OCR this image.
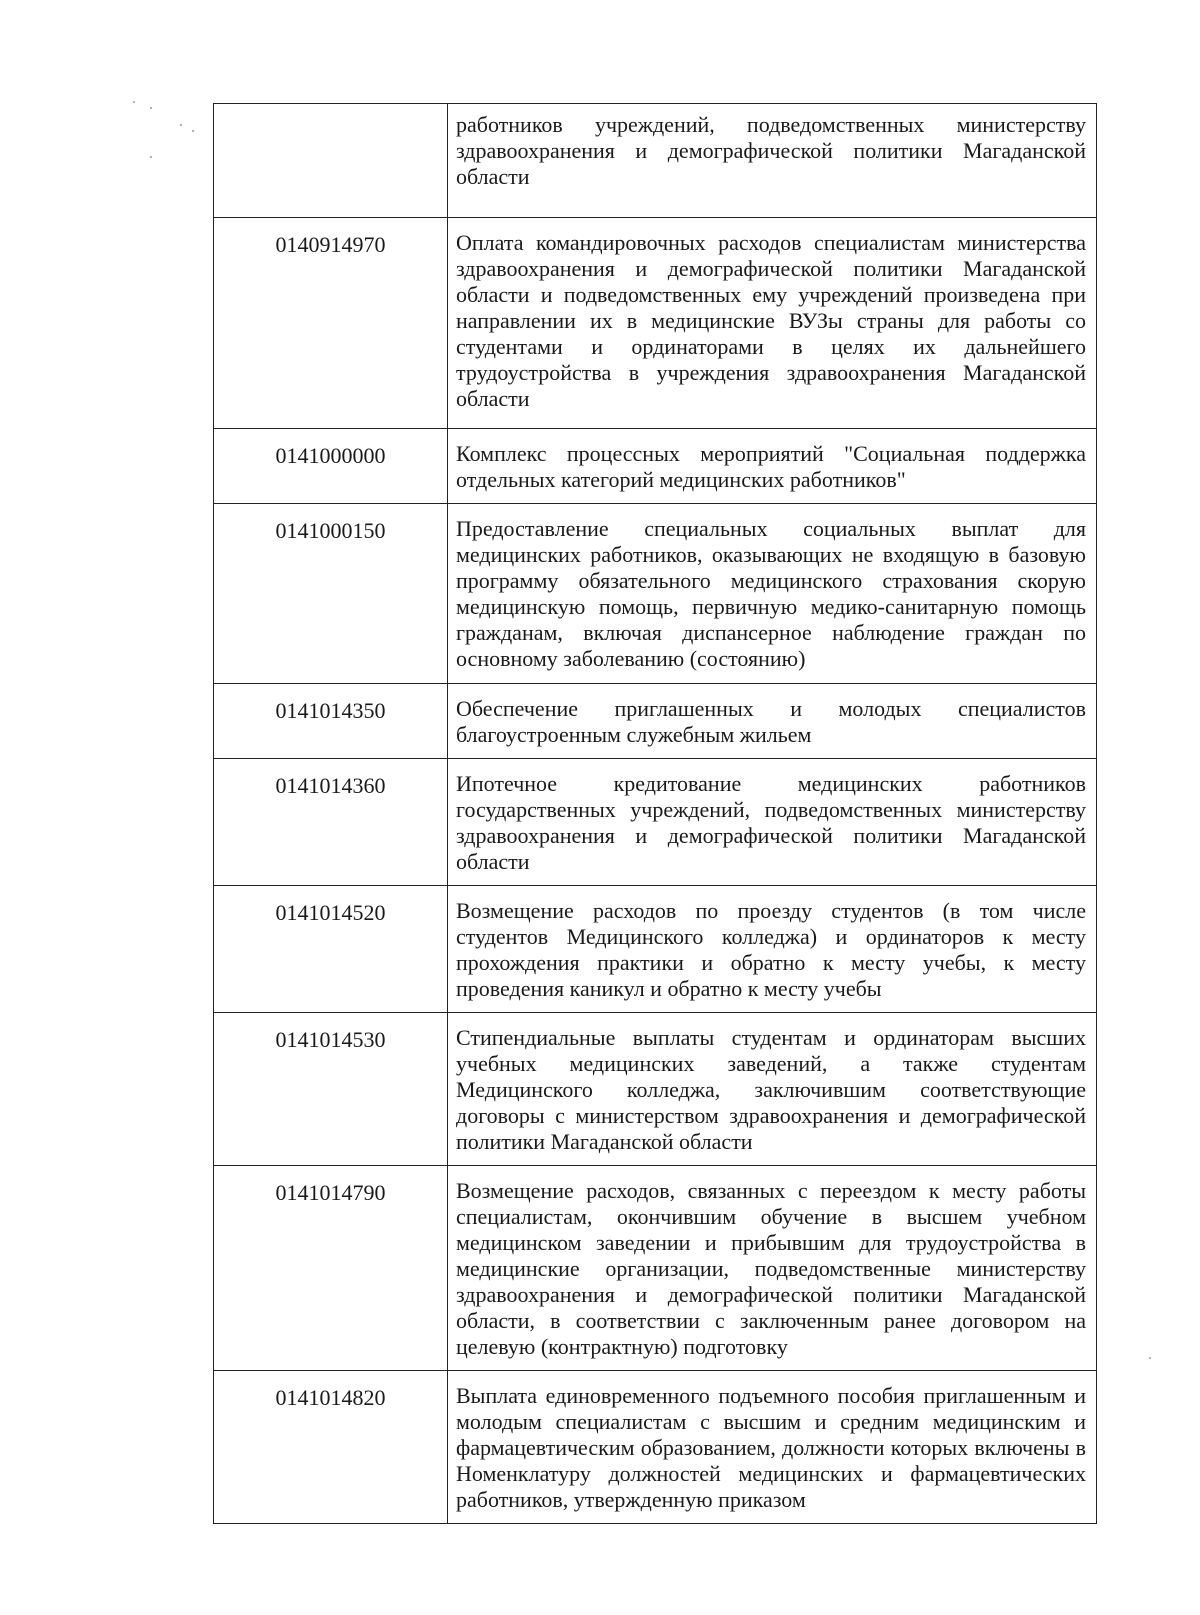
	работников учреждений, подведомственных министерству здравоохранения и демографической политики Магаданской области
0140914970	Оплата командировочных расходов специалистам министерства здравоохранения и демографической политики Магаданской области и подведомственных ему учреждений произведена при направлении их в медицинские ВУЗы страны для работы со студентами и ординаторами в целях их дальнейшего трудоустройства в учреждения здравоохранения Магаданской области
0141000000	Комплекс процессных мероприятий "Социальная поддержка отдельных категорий медицинских работников"
0141000150	Предоставление специальных социальных выплат для медицинских работников, оказывающих не входящую в базовую программу обязательного медицинского страхования скорую медицинскую помощь, первичную медико-санитарную помощь гражданам, включая диспансерное наблюдение граждан по основному заболеванию (состоянию)
0141014350	Обеспечение приглашенных и молодых специалистов благоустроенным служебным жильем
0141014360	Ипотечное кредитование медицинских работников государственных учреждений, подведомственных министерству здравоохранения и демографической политики Магаданской области
0141014520	Возмещение расходов по проезду студентов (в том числе студентов Медицинского колледжа) и ординаторов к месту прохождения практики и обратно к месту учебы, к месту проведения каникул и обратно к месту учебы
0141014530	Стипендиальные выплаты студентам и ординаторам высших учебных медицинских заведений, а также студентам Медицинского колледжа, заключившим соответствующие договоры с министерством здравоохранения и демографической политики Магаданской области
0141014790	Возмещение расходов, связанных с переездом к месту работы специалистам, окончившим обучение в высшем учебном медицинском заведении и прибывшим для трудоустройства в медицинские организации, подведомственные министерству здравоохранения и демографической политики Магаданской области, в соответствии с заключенным ранее договором на целевую (контрактную) подготовку
0141014820	Выплата единовременного подъемного пособия приглашенным и молодым специалистам с высшим и средним медицинским и фармацевтическим образованием, должности которых включены в Номенклатуру должностей медицинских и фармацевтических работников, утвержденную приказом
